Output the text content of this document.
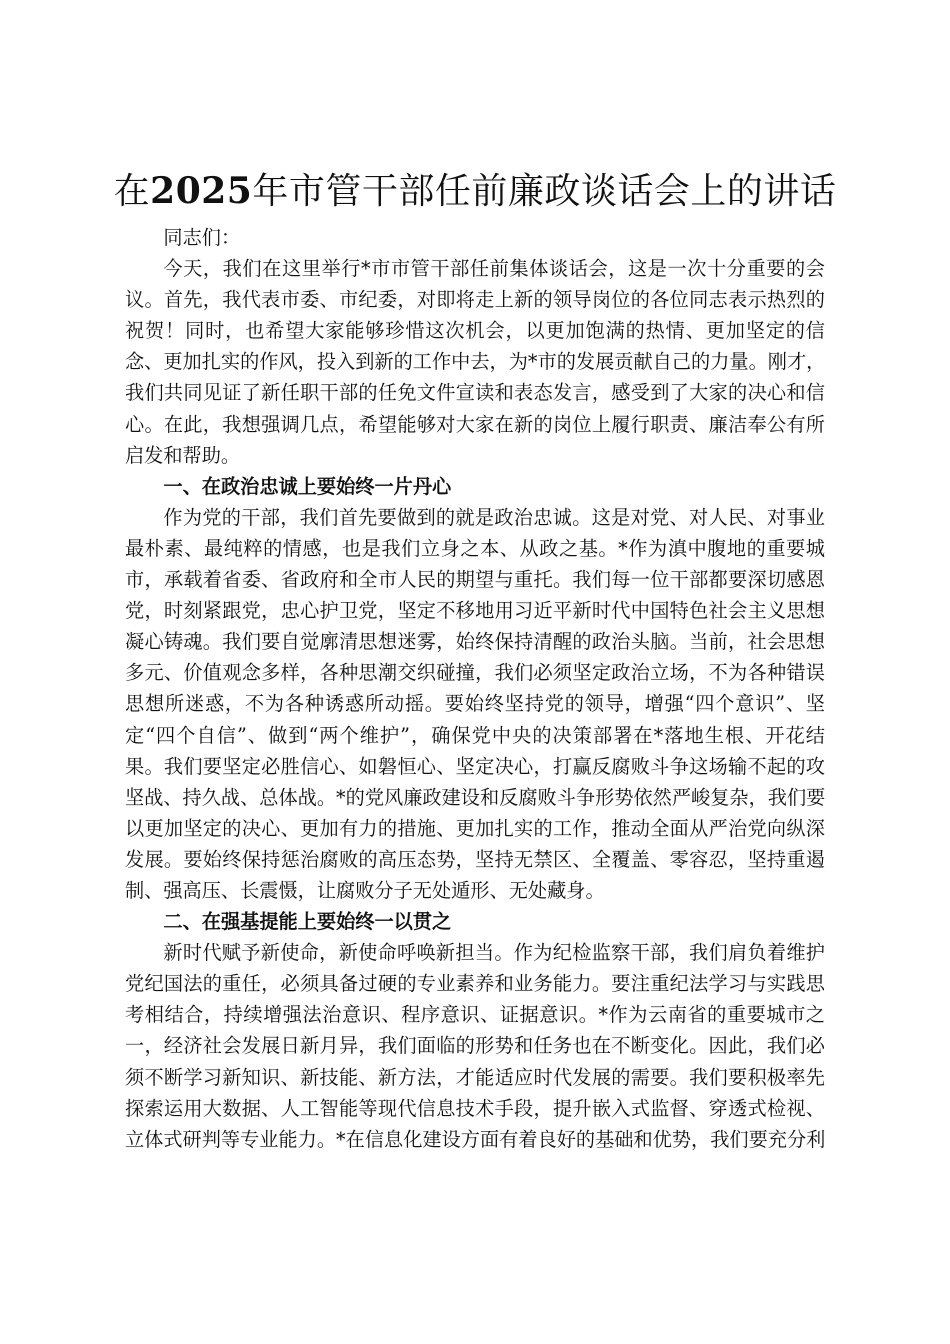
在2025年市管干部任前廉政谈话会上的讲话

同志们：

今天，我们在这里举行*市市管干部任前集体谈话会，这是一次十分重要的会
议。首先，我代表市委、市纪委，对即将走上新的领导岗位的各位同志表示热烈的
祝贺！同时，也希望大家能够珍惜这次机会，以更加饱满的热情、更加坚定的信
念、更加扎实的作风，投入到新的工作中去，为*市的发展贡献自己的力量。刚才，
我们共同见证了新任职干部的任免文件宣读和表态发言，感受到了大家的决心和信
心。在此，我想强调几点，希望能够对大家在新的岗位上履行职责、廉洁奉公有所
启发和帮助。

一、在政治忠诚上要始终一片丹心

作为党的干部，我们首先要做到的就是政治忠诚。这是对党、对人民、对事业
最朴素、最纯粹的情感，也是我们立身之本、从政之基。*作为滇中腹地的重要城
市，承载着省委、省政府和全市人民的期望与重托。我们每一位干部都要深切感恩
党，时刻紧跟党，忠心护卫党，坚定不移地用习近平新时代中国特色社会主义思想
凝心铸魂。我们要自觉廓清思想迷雾，始终保持清醒的政治头脑。当前，社会思想
多元、价值观念多样，各种思潮交织碰撞，我们必须坚定政治立场，不为各种错误
思想所迷惑，不为各种诱惑所动摇。要始终坚持党的领导，增强“四个意识”、坚
定“四个自信”、做到“两个维护”，确保党中央的决策部署在*落地生根、开花结
果。我们要坚定必胜信心、如磐恒心、坚定决心，打赢反腐败斗争这场输不起的攻
坚战、持久战、总体战。*的党风廉政建设和反腐败斗争形势依然严峻复杂，我们要
以更加坚定的决心、更加有力的措施、更加扎实的工作，推动全面从严治党向纵深
发展。要始终保持惩治腐败的高压态势，坚持无禁区、全覆盖、零容忍，坚持重遏
制、强高压、长震慑，让腐败分子无处遁形、无处藏身。

二、在强基提能上要始终一以贯之

新时代赋予新使命，新使命呼唤新担当。作为纪检监察干部，我们肩负着维护
党纪国法的重任，必须具备过硬的专业素养和业务能力。要注重纪法学习与实践思
考相结合，持续增强法治意识、程序意识、证据意识。*作为云南省的重要城市之
一，经济社会发展日新月异，我们面临的形势和任务也在不断变化。因此，我们必
须不断学习新知识、新技能、新方法，才能适应时代发展的需要。我们要积极率先
探索运用大数据、人工智能等现代信息技术手段，提升嵌入式监督、穿透式检视、
立体式研判等专业能力。*在信息化建设方面有着良好的基础和优势，我们要充分利
